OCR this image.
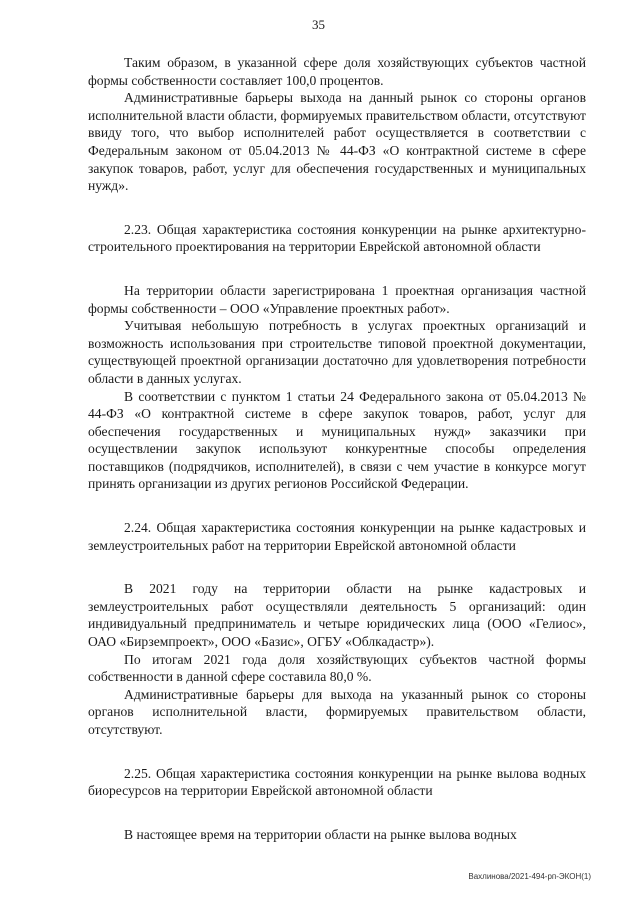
35

Таким образом, в указанной сфере доля хозяйствующих субъектов частной формы собственности составляет 100,0 процентов.

Административные барьеры выхода на данный рынок со стороны органов исполнительной власти области, формируемых правительством области, отсутствуют ввиду того, что выбор исполнителей работ осуществляется в соответствии с Федеральным законом от 05.04.2013 № 44-ФЗ «О контрактной системе в сфере закупок товаров, работ, услуг для обеспечения государственных и муниципальных нужд».

2.23. Общая характеристика состояния конкуренции на рынке архитектурно-строительного проектирования на территории Еврейской автономной области

На территории области зарегистрирована 1 проектная организация частной формы собственности – ООО «Управление проектных работ».

Учитывая небольшую потребность в услугах проектных организаций и возможность использования при строительстве типовой проектной документации, существующей проектной организации достаточно для удовлетворения потребности области в данных услугах.

В соответствии с пунктом 1 статьи 24 Федерального закона от 05.04.2013 № 44-ФЗ «О контрактной системе в сфере закупок товаров, работ, услуг для обеспечения государственных и муниципальных нужд» заказчики при осуществлении закупок используют конкурентные способы определения поставщиков (подрядчиков, исполнителей), в связи с чем участие в конкурсе могут принять организации из других регионов Российской Федерации.

2.24. Общая характеристика состояния конкуренции на рынке кадастровых и землеустроительных работ на территории Еврейской автономной области

В 2021 году на территории области на рынке кадастровых и землеустроительных работ осуществляли деятельность 5 организаций: один индивидуальный предприниматель и четыре юридических лица (ООО «Гелиос», ОАО «Бирземпроект», ООО «Базис», ОГБУ «Облкадастр»).

По итогам 2021 года доля хозяйствующих субъектов частной формы собственности в данной сфере составила 80,0 %.

Административные барьеры для выхода на указанный рынок со стороны органов исполнительной власти, формируемых правительством области, отсутствуют.

2.25. Общая характеристика состояния конкуренции на рынке вылова водных биоресурсов на территории Еврейской автономной области

В настоящее время на территории области на рынке вылова водных

Вахлинова/2021-494-рп-ЭКОН(1)
